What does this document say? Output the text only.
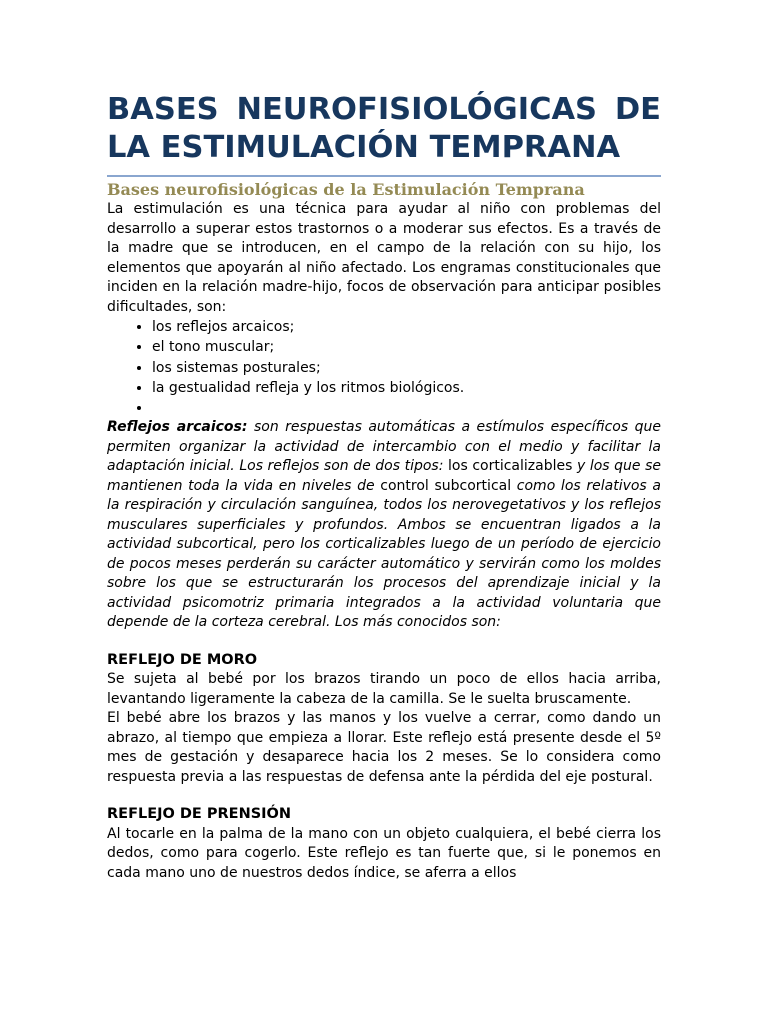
BASES NEUROFISIOLÓGICAS DE LA ESTIMULACIÓN TEMPRANA
Bases neurofisiológicas de la Estimulación Temprana

La estimulación es una técnica para ayudar al niño con problemas del desarrollo a superar estos trastornos o a moderar sus efectos. Es a través de la madre que se introducen, en el campo de la relación con su hijo, los elementos que apoyarán al niño afectado. Los engramas constitucionales que inciden en la relación madre-hijo, focos de observación para anticipar posibles dificultades, son:

• los reflejos arcaicos;
• el tono muscular;
• los sistemas posturales;
• la gestualidad refleja y los ritmos biológicos.
•

Reflejos arcaicos: son respuestas automáticas a estímulos específicos que permiten organizar la actividad de intercambio con el medio y facilitar la adaptación inicial. Los reflejos son de dos tipos: los corticalizables y los que se mantienen toda la vida en niveles de control subcortical como los relativos a la respiración y circulación sanguínea, todos los nerovegetativos y los reflejos musculares superficiales y profundos. Ambos se encuentran ligados a la actividad subcortical, pero los corticalizables luego de un período de ejercicio de pocos meses perderán su carácter automático y servirán como los moldes sobre los que se estructurarán los procesos del aprendizaje inicial y la actividad psicomotriz primaria integrados a la actividad voluntaria que depende de la corteza cerebral. Los más conocidos son:

REFLEJO DE MORO

Se sujeta al bebé por los brazos tirando un poco de ellos hacia arriba, levantando ligeramente la cabeza de la camilla. Se le suelta bruscamente.

El bebé abre los brazos y las manos y los vuelve a cerrar, como dando un abrazo, al tiempo que empieza a llorar. Este reflejo está presente desde el 5º mes de gestación y desaparece hacia los 2 meses. Se lo considera como respuesta previa a las respuestas de defensa ante la pérdida del eje postural.

REFLEJO DE PRENSIÓN

Al tocarle en la palma de la mano con un objeto cualquiera, el bebé cierra los dedos, como para cogerlo. Este reflejo es tan fuerte que, si le ponemos en cada mano uno de nuestros dedos índice, se aferra a ellos
